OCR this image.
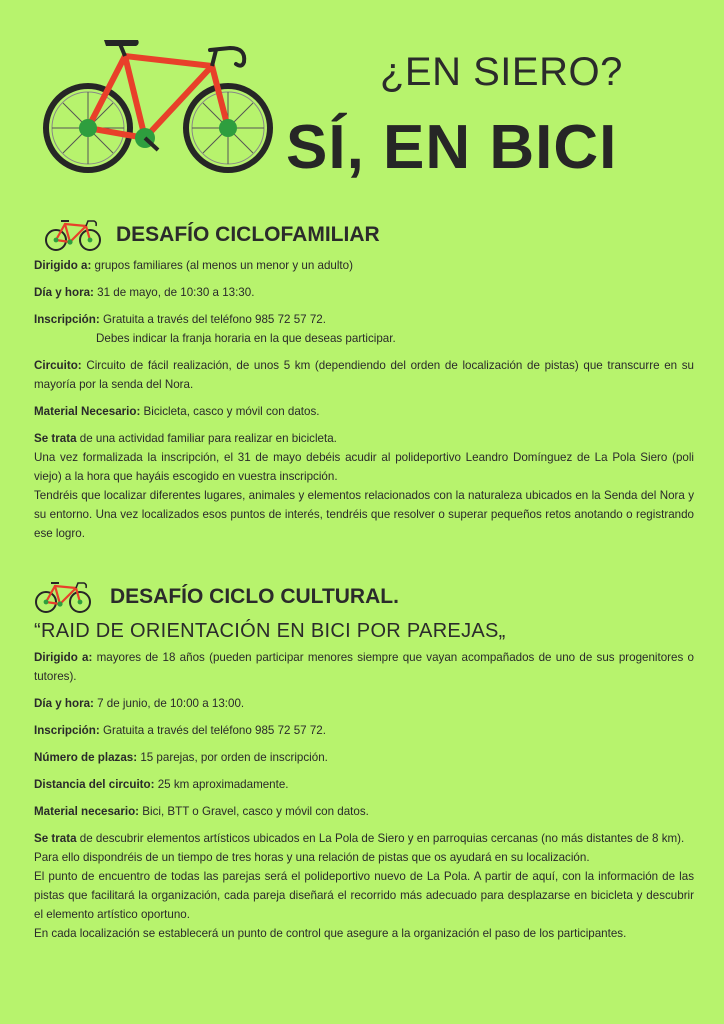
¿EN SIERO?
SÍ, EN BICI
DESAFÍO CICLOFAMILIAR

Dirigido a: grupos familiares (al menos un menor y un adulto)

Día y hora: 31 de mayo, de 10:30 a 13:30.

Inscripción: Gratuita a través del teléfono 985 72 57 72.

Debes indicar la franja horaria en la que deseas participar.

Circuito: Circuito de fácil realización, de unos 5 km (dependiendo del orden de localización de pistas) que transcurre en su mayoría por la senda del Nora.

Material Necesario: Bicicleta, casco y móvil con datos.

Se trata de una actividad familiar para realizar en bicicleta.

Una vez formalizada la inscripción, el 31 de mayo debéis acudir al polideportivo Leandro Domínguez de La Pola Siero (poli viejo) a la hora que hayáis escogido en vuestra inscripción.

Tendréis que localizar diferentes lugares, animales y elementos relacionados con la naturaleza ubicados en la Senda del Nora y su entorno. Una vez localizados esos puntos de interés, tendréis que resolver o superar pequeños retos anotando o registrando ese logro.

DESAFÍO CICLO CULTURAL.
“RAID DE ORIENTACIÓN EN BICI POR PAREJAS„

Dirigido a: mayores de 18 años (pueden participar menores siempre que vayan acompañados de uno de sus progenitores o tutores).

Día y hora: 7 de junio, de 10:00 a 13:00.

Inscripción: Gratuita a través del teléfono 985 72 57 72.

Número de plazas: 15 parejas, por orden de inscripción.

Distancia del circuito: 25 km aproximadamente.

Material necesario: Bici, BTT o Gravel, casco y móvil con datos.

Se trata de descubrir elementos artísticos ubicados en La Pola de Siero y en parroquias cercanas (no más distantes de 8 km).

Para ello dispondréis de un tiempo de tres horas y una relación de pistas que os ayudará en su localización.

El punto de encuentro de todas las parejas será el polideportivo nuevo de La Pola. A partir de aquí, con la información de las pistas que facilitará la organización, cada pareja diseñará el recorrido más adecuado para desplazarse en bicicleta y descubrir el elemento artístico oportuno.

En cada localización se establecerá un punto de control que asegure a la organización el paso de los participantes.
